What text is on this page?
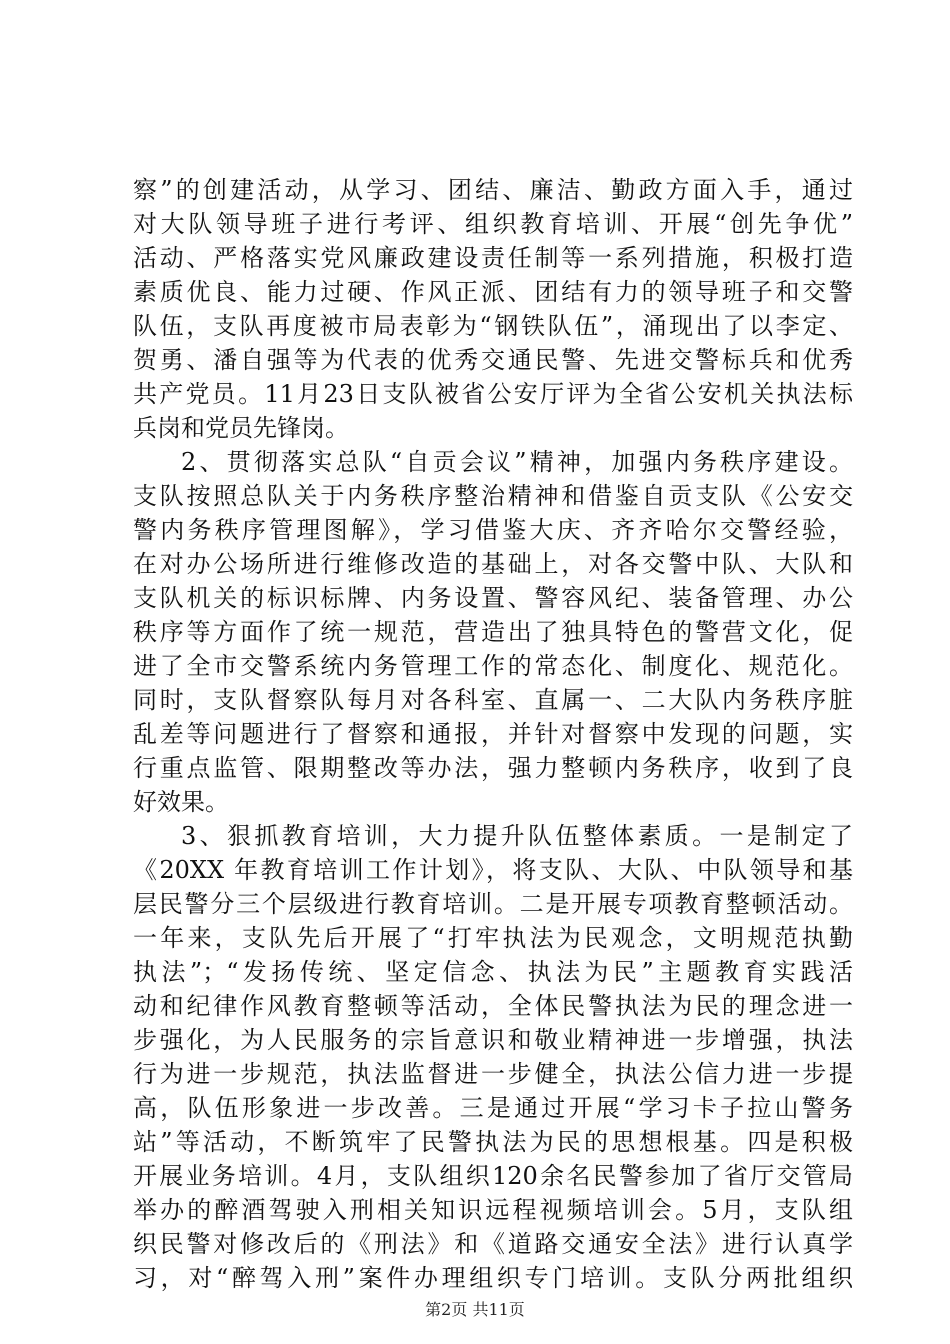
察”的创建活动，从学习、团结、廉洁、勤政方面入手，通过
对大队领导班子进行考评、组织教育培训、开展“创先争优”
活动、严格落实党风廉政建设责任制等一系列措施，积极打造
素质优良、能力过硬、作风正派、团结有力的领导班子和交警
队伍，支队再度被市局表彰为“钢铁队伍”，涌现出了以李定、
贺勇、潘自强等为代表的优秀交通民警、先进交警标兵和优秀
共产党员。11月23日支队被省公安厅评为全省公安机关执法标
兵岗和党员先锋岗。
2、贯彻落实总队“自贡会议”精神，加强内务秩序建设。
支队按照总队关于内务秩序整治精神和借鉴自贡支队《公安交
警内务秩序管理图解》，学习借鉴大庆、齐齐哈尔交警经验，
在对办公场所进行维修改造的基础上，对各交警中队、大队和
支队机关的标识标牌、内务设置、警容风纪、装备管理、办公
秩序等方面作了统一规范，营造出了独具特色的警营文化，促
进了全市交警系统内务管理工作的常态化、制度化、规范化。
同时，支队督察队每月对各科室、直属一、二大队内务秩序脏
乱差等问题进行了督察和通报，并针对督察中发现的问题，实
行重点监管、限期整改等办法，强力整顿内务秩序，收到了良
好效果。
3、狠抓教育培训，大力提升队伍整体素质。一是制定了
《20XX 年教育培训工作计划》，将支队、大队、中队领导和基
层民警分三个层级进行教育培训。二是开展专项教育整顿活动。
一年来，支队先后开展了“打牢执法为民观念，文明规范执勤
执法”；“发扬传统、坚定信念、执法为民”主题教育实践活
动和纪律作风教育整顿等活动，全体民警执法为民的理念进一
步强化，为人民服务的宗旨意识和敬业精神进一步增强，执法
行为进一步规范，执法监督进一步健全，执法公信力进一步提
高，队伍形象进一步改善。三是通过开展“学习卡子拉山警务
站”等活动，不断筑牢了民警执法为民的思想根基。四是积极
开展业务培训。4月，支队组织120余名民警参加了省厅交管局
举办的醉酒驾驶入刑相关知识远程视频培训会。5月，支队组
织民警对修改后的《刑法》和《道路交通安全法》进行认真学
习，对“醉驾入刑”案件办理组织专门培训。支队分两批组织
第2页 共11页
